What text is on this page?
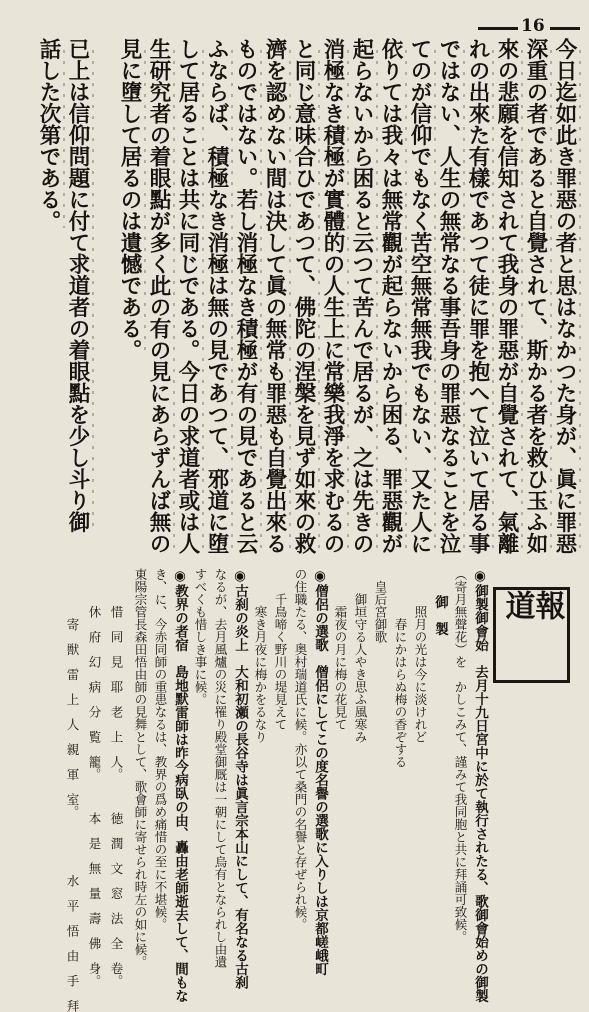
16
今日迄如此き罪惡の者と思はなかつた身が、眞に罪惡
深重の者であると自覺されて、斯かる者を救ひ玉ふ如
來の悲願を信知されて我身の罪惡が自覺されて、氣離
れの出來た有樣であつて徒に罪を抱へて泣いて居る事
ではない、人生の無常なる事吾身の罪惡なることを泣
てのが信仰でもなく苦空無常無我でもない、又た人に
依りては我々は無常觀が起らないから困る、罪惡觀が
起らないから困ると云つて苦んで居るが、之は先きの
消極なき積極が實體的の人生上に常樂我淨を求むるの
と同じ意味合ひであつて、佛陀の涅槃を見ず如來の救
濟を認めない間は決して眞の無常も罪惡も自覺出來る
ものではない。若し消極なき積極が有の見であると云
ふならば、積極なき消極は無の見であつて、邪道に堕
して居ることは共に同じである。今日の求道者或は人
生研究者の着眼點が多く此の有の見にあらずんば無の
見に墮して居るのは遺憾である。
已上は信仰問題に付て求道者の着眼點を少し斗り御
話した次第である。
報　道
◉御製御會始　去月十九日宮中に於て執行されたる、歌御會始めの御製
（寄月無聲花）を　かしこみて、謹みて我同胞と共に拜誦可致候。
　　御　製
　　　照月の光は今に淡けれど
　　　　春にかはらぬ梅の香ぞする
　皇后宮御歌
　　御垣守る人やき思ふ風寒み
　　　霜夜の月に梅の花見て
◉僧侶の選歌　僧侶にしてこの度名譽の選歌に入りしは京都嵯峨町
の住職たる、奥村瑞道氏に候。亦以て桑門の名譽と存ぜられ候。
　　千鳥啼く野川の堤見えて
　　　寒き月夜に梅かをるなり
◉古刹の炎上　大和初瀬の長谷寺は眞言宗本山にして、有名なる古刹
なるが、去月風爐の災に罹り殿堂御厩は一朝にして烏有となられし由遺
すべくも惜しき事に候。
◉教界の者宿　島地默雷師は昨今病臥の由、轟由老師逝去して、間もな
き、に、今赤同師の重患なるは、教界の爲め痛惜の至に不堪候。
東陽宗管長森田悟由師の見舞として、歌會師に寄せられ時左の如に候。
　　　惜　同　見　耶　老　上　人。　　　徳　潤　文　窓　法　全　卷。
　　　休　府　幻　病　分　覧　籠。　　　本　是　無　量　壽　佛　身。
　　　　寄　獣　雷　上　人　親　軍　室。　　　　　水　平　悟　由　手　拜
